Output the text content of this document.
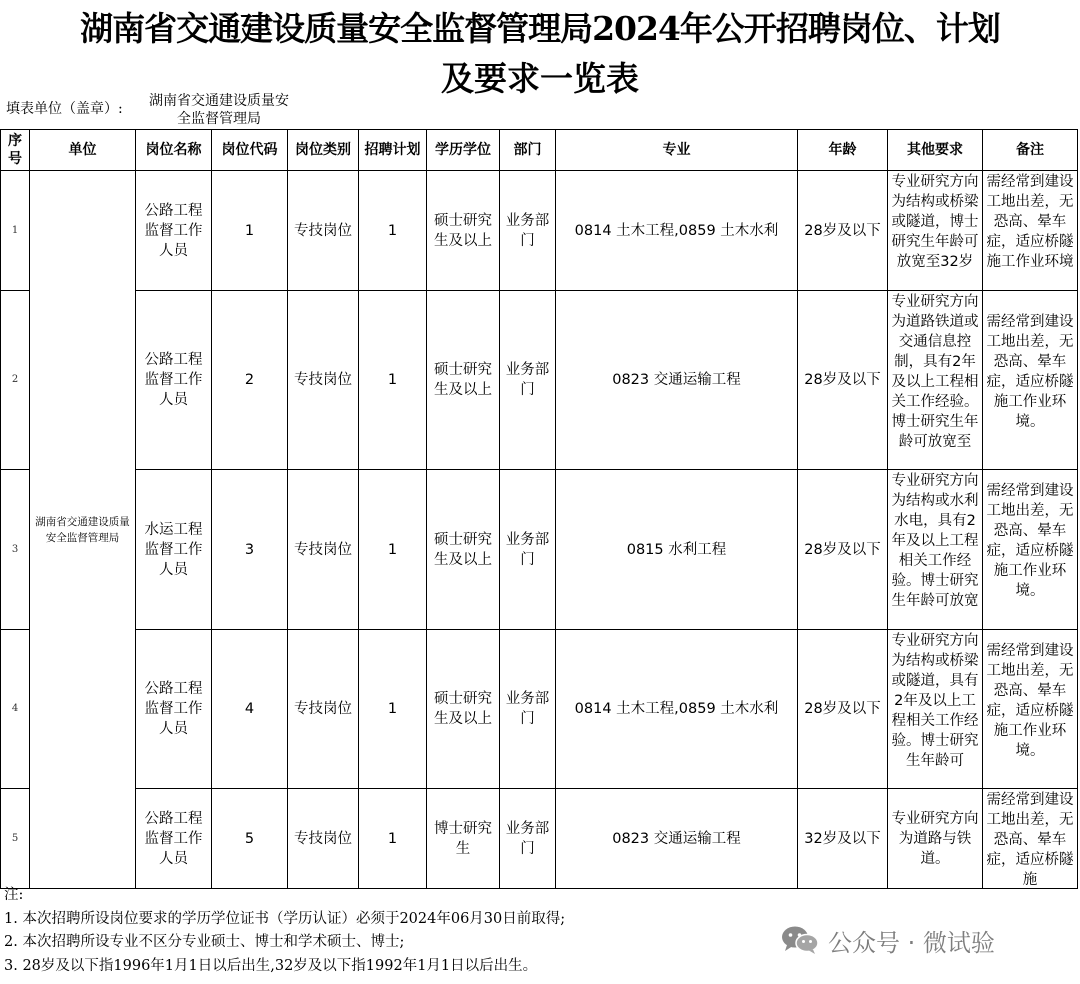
湖南省交通建设质量安全监督管理局2024年公开招聘岗位、计划
及要求一览表
填表单位（盖章）:	湖南省交通建设质量安全监督管理局
序号	单位	岗位名称	岗位代码	岗位类别	招聘计划	学历学位	部门	专业	年龄	其他要求	备注
1	湖南省交通建设质量安全监督管理局	公路工程监督工作人员	1	专技岗位	1	硕士研究生及以上	业务部门	0814 土木工程,0859 土木水利	28岁及以下	专业研究方向为结构或桥梁或隧道，博士研究生年龄可放宽至32岁	需经常到建设工地出差，无恐高、晕车症，适应桥隧施工作业环境

2		公路工程监督工作人员	2	专技岗位	1	硕士研究生及以上	业务部门	0823 交通运输工程	28岁及以下	专业研究方向为道路铁道或交通信息控制，具有2年及以上工程相关工作经验。博士研究生年龄可放宽至	需经常到建设工地出差，无恐高、晕车症，适应桥隧施工作业环境。

3		水运工程监督工作人员	3	专技岗位	1	硕士研究生及以上	业务部门	0815 水利工程	28岁及以下	专业研究方向为结构或水利水电，具有2年及以上工程相关工作经验。博士研究生年龄可放宽	需经常到建设工地出差，无恐高、晕车症，适应桥隧施工作业环境。

4		公路工程监督工作人员	4	专技岗位	1	硕士研究生及以上	业务部门	0814 土木工程,0859 土木水利	28岁及以下	专业研究方向为结构或桥梁或隧道，具有2年及以上工程相关工作经验。博士研究生年龄可	需经常到建设工地出差，无恐高、晕车症，适应桥隧施工作业环境。

5		公路工程监督工作人员	5	专技岗位	1	博士研究生	业务部门	0823 交通运输工程	32岁及以下	专业研究方向为道路与铁道。	需经常到建设工地出差，无恐高、晕车症，适应桥隧施
注:
1. 本次招聘所设岗位要求的学历学位证书（学历认证）必须于2024年06月30日前取得;
2. 本次招聘所设专业不区分专业硕士、博士和学术硕士、博士;
3. 28岁及以下指1996年1月1日以后出生,32岁及以下指1992年1月1日以后出生。
公众号 · 微试验
